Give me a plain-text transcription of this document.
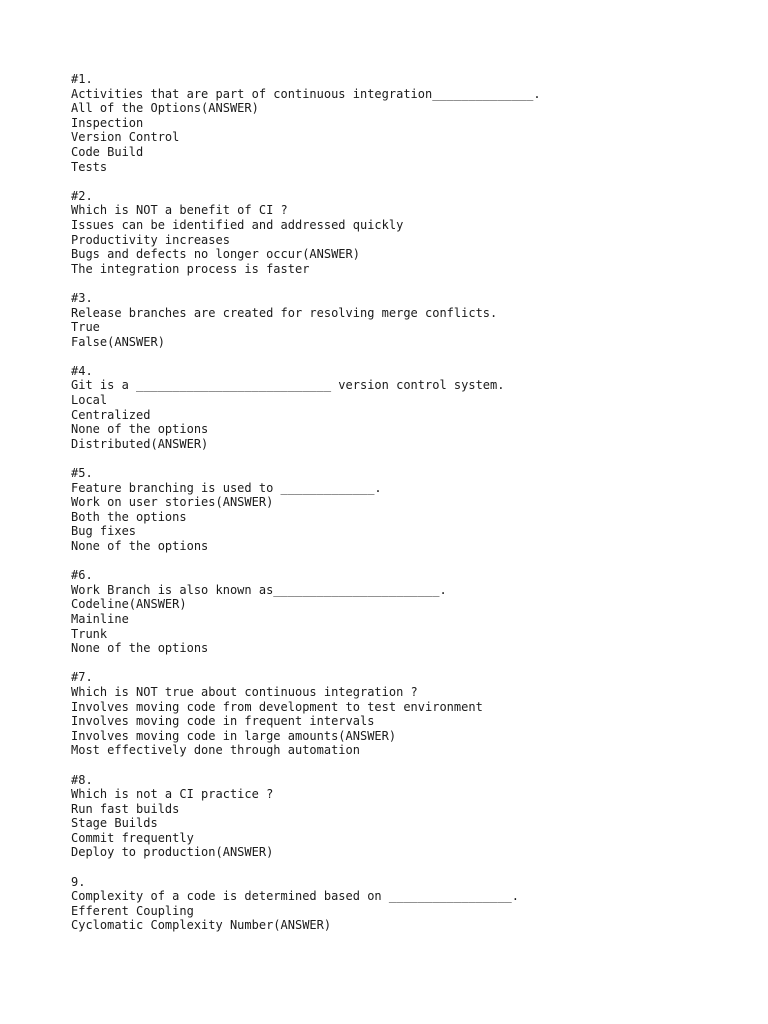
#1.
Activities that are part of continuous integration______________.
All of the Options(ANSWER)
Inspection
Version Control
Code Build
Tests
#2.
Which is NOT a benefit of CI ?
Issues can be identified and addressed quickly
Productivity increases
Bugs and defects no longer occur(ANSWER)
The integration process is faster
#3.
Release branches are created for resolving merge conflicts.
True
False(ANSWER)
#4.
Git is a ___________________________ version control system.
Local
Centralized
None of the options
Distributed(ANSWER)
#5.
Feature branching is used to _____________.
Work on user stories(ANSWER)
Both the options
Bug fixes
None of the options
#6.
Work Branch is also known as_______________________.
Codeline(ANSWER)
Mainline
Trunk
None of the options
#7.
Which is NOT true about continuous integration ?
Involves moving code from development to test environment
Involves moving code in frequent intervals
Involves moving code in large amounts(ANSWER)
Most effectively done through automation
#8.
Which is not a CI practice ?
Run fast builds
Stage Builds
Commit frequently
Deploy to production(ANSWER)
9.
Complexity of a code is determined based on _________________.
Efferent Coupling
Cyclomatic Complexity Number(ANSWER)
